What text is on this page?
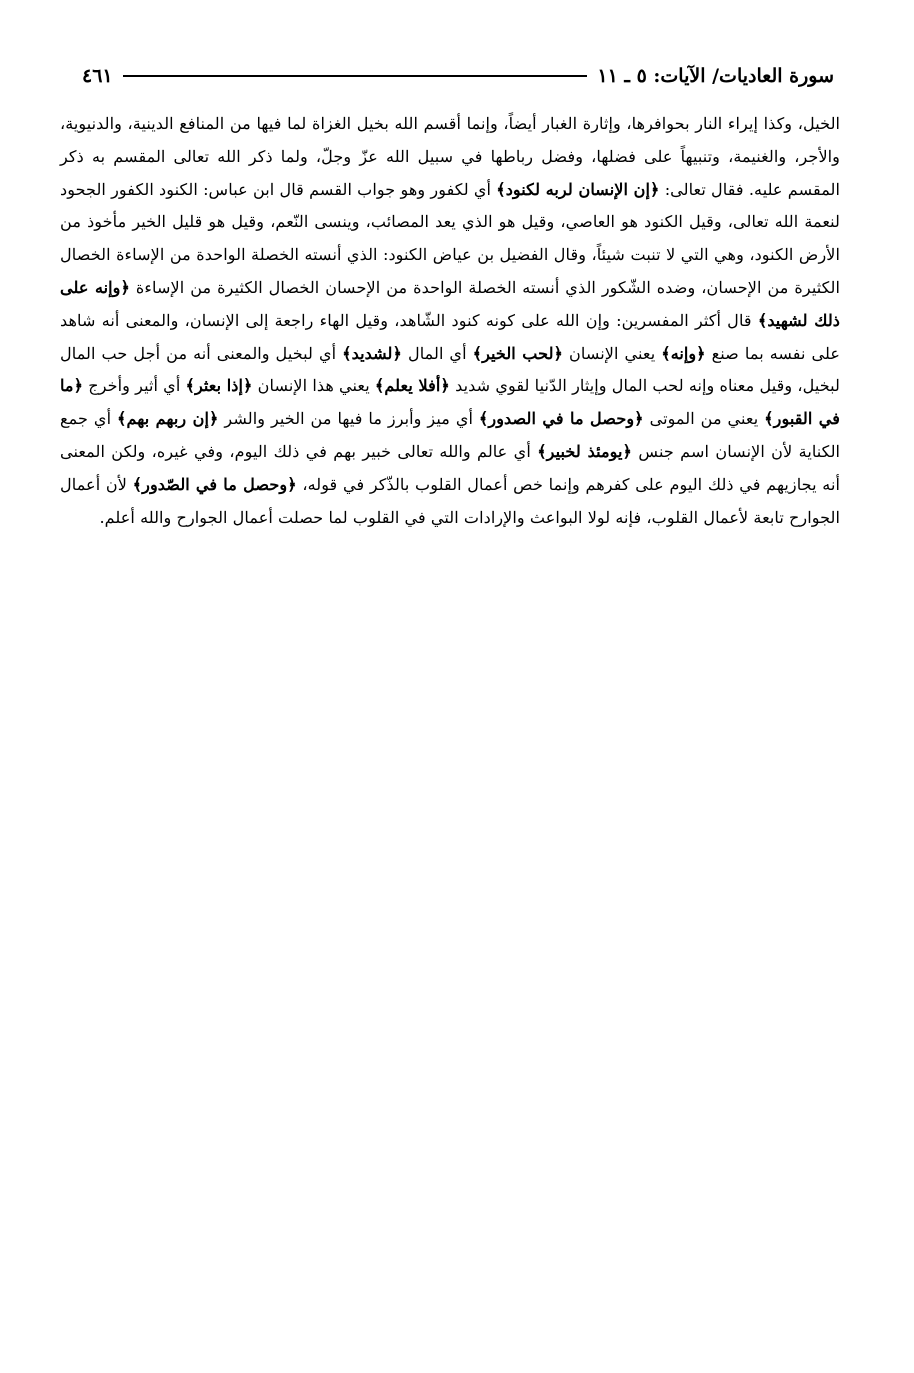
سورة العاديات/ الآيات: ٥ ـ ١١
٤٦١

الخيل، وكذا إيراء النار بحوافرها، وإثارة الغبار أيضاً، وإنما أقسم الله بخيل الغزاة لما فيها من المنافع الدينية، والدنيوية، والأجر، والغنيمة، وتنبيهاً على فضلها، وفضل رباطها في سبيل الله عزّ وجلّ، ولما ذكر الله تعالى المقسم به ذكر المقسم عليه. فقال تعالى: ﴿إن الإنسان لربه لكنود﴾ أي لكفور وهو جواب القسم قال ابن عباس: الكنود الكفور الجحود لنعمة الله تعالى، وقيل الكنود هو العاصي، وقيل هو الذي يعد المصائب، وينسى النّعم، وقيل هو قليل الخير مأخوذ من الأرض الكنود، وهي التي لا تنبت شيئاً، وقال الفضيل بن عياض الكنود: الذي أنسته الخصلة الواحدة من الإساءة الخصال الكثيرة من الإحسان، وضده الشّكور الذي أنسته الخصلة الواحدة من الإحسان الخصال الكثيرة من الإساءة ﴿وإنه على ذلك لشهيد﴾ قال أكثر المفسرين: وإن الله على كونه كنود الشّاهد، وقيل الهاء راجعة إلى الإنسان، والمعنى أنه شاهد على نفسه بما صنع ﴿وإنه﴾ يعني الإنسان ﴿لحب الخير﴾ أي المال ﴿لشديد﴾ أي لبخيل والمعنى أنه من أجل حب المال لبخيل، وقيل معناه وإنه لحب المال وإيثار الدّنيا لقوي شديد ﴿أفلا يعلم﴾ يعني هذا الإنسان ﴿إذا بعثر﴾ أي أثير وأخرج ﴿ما في القبور﴾ يعني من الموتى ﴿وحصل ما في الصدور﴾ أي ميز وأبرز ما فيها من الخير والشر ﴿إن ربهم بهم﴾ أي جمع الكناية لأن الإنسان اسم جنس ﴿يومئذ لخبير﴾ أي عالم والله تعالى خبير بهم في ذلك اليوم، وفي غيره، ولكن المعنى أنه يجازيهم في ذلك اليوم على كفرهم وإنما خص أعمال القلوب بالذّكر في قوله، ﴿وحصل ما في الصّدور﴾ لأن أعمال الجوارح تابعة لأعمال القلوب، فإنه لولا البواعث والإرادات التي في القلوب لما حصلت أعمال الجوارح والله أعلم.
